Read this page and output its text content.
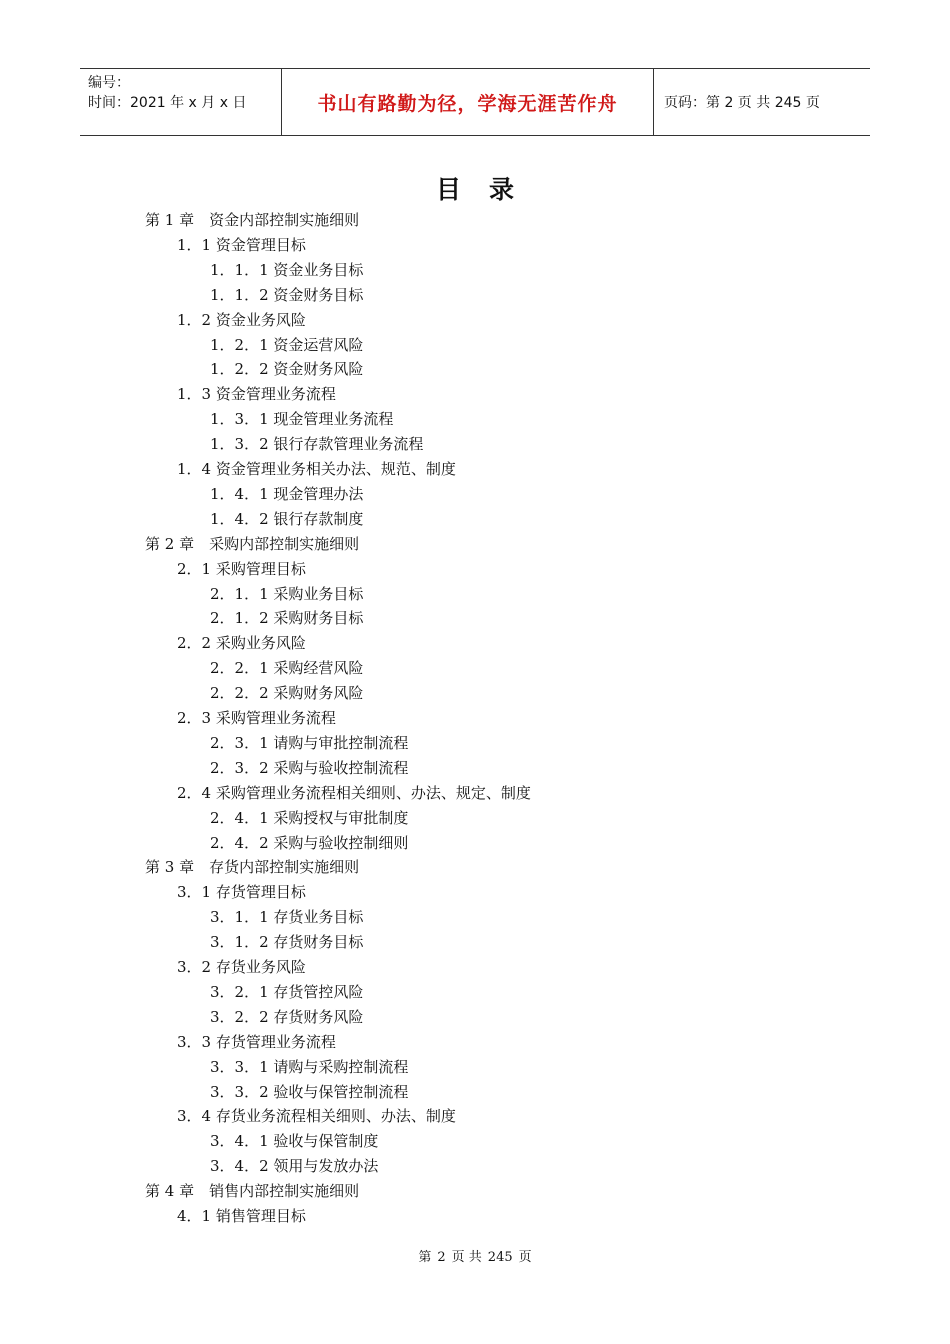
编号：
时间：2021 年 x 月 x 日	书山有路勤为径，学海无涯苦作舟	页码：第 2 页 共 245 页
目录
第 1 章　资金内部控制实施细则
1．1 资金管理目标
1．1．1 资金业务目标
1．1．2 资金财务目标
1．2 资金业务风险
1．2．1 资金运营风险
1．2．2 资金财务风险
1．3 资金管理业务流程
1．3．1 现金管理业务流程
1．3．2 银行存款管理业务流程
1．4 资金管理业务相关办法、规范、制度
1．4．1 现金管理办法
1．4．2 银行存款制度
第 2 章　采购内部控制实施细则
2．1 采购管理目标
2．1．1 采购业务目标
2．1．2 采购财务目标
2．2 采购业务风险
2．2．1 采购经营风险
2．2．2 采购财务风险
2．3 采购管理业务流程
2．3．1 请购与审批控制流程
2．3．2 采购与验收控制流程
2．4 采购管理业务流程相关细则、办法、规定、制度
2．4．1 采购授权与审批制度
2．4．2 采购与验收控制细则
第 3 章　存货内部控制实施细则
3．1 存货管理目标
3．1．1 存货业务目标
3．1．2 存货财务目标
3．2 存货业务风险
3．2．1 存货管控风险
3．2．2 存货财务风险
3．3 存货管理业务流程
3．3．1 请购与采购控制流程
3．3．2 验收与保管控制流程
3．4 存货业务流程相关细则、办法、制度
3．4．1 验收与保管制度
3．4．2 领用与发放办法
第 4 章　销售内部控制实施细则
4．1 销售管理目标
第 2 页 共 245 页
